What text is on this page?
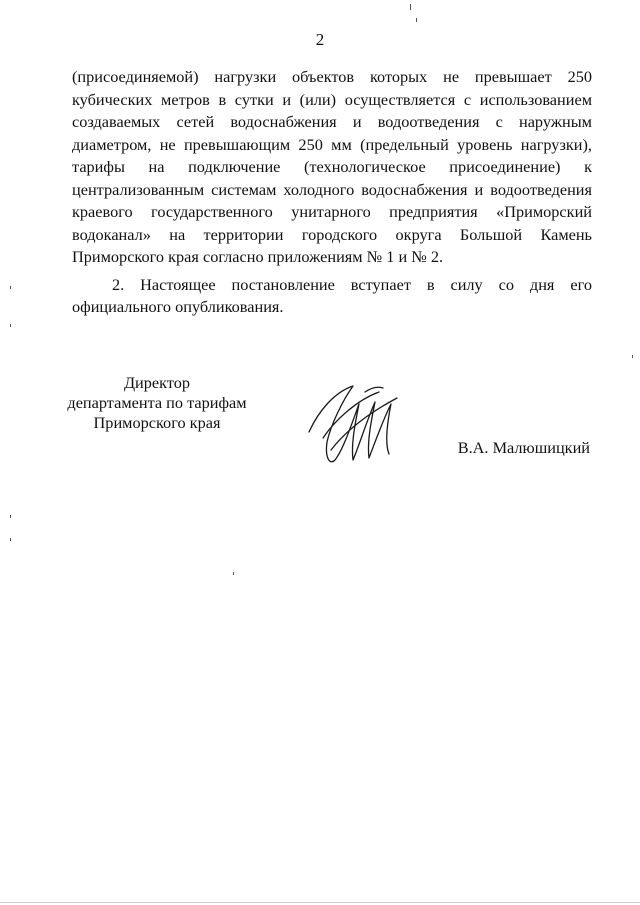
2

(присоединяемой) нагрузки объектов которых не превышает 250 кубических метров в сутки и (или) осуществляется с использованием создаваемых сетей водоснабжения и водоотведения с наружным диаметром, не превышающим 250 мм (предельный уровень нагрузки), тарифы на подключение (технологическое присоединение) к централизованным системам холодного водоснабжения и водоотведения краевого государственного унитарного предприятия «Приморский водоканал» на территории городского округа Большой Камень Приморского края согласно приложениям № 1 и № 2.

2. Настоящее постановление вступает в силу со дня его официального опубликования.

Директор
департамента по тарифам
Приморского края
В.А. Малюшицкий
